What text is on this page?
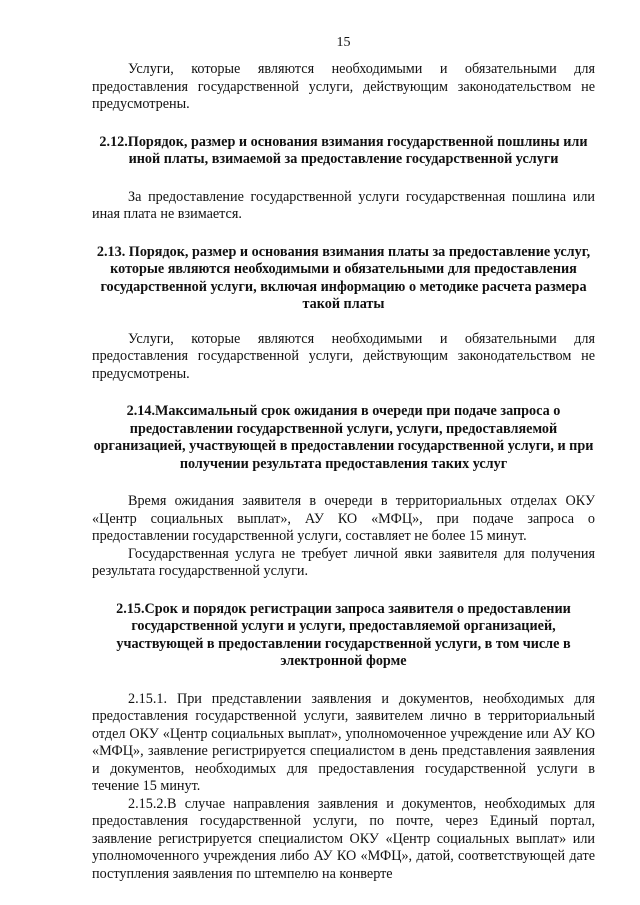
15

Услуги, которые являются необходимыми и обязательными для предоставления государственной услуги, действующим законодательством не предусмотрены.

2.12.Порядок, размер и основания взимания государственной пошлины или иной платы, взимаемой за предоставление государственной услуги

За предоставление государственной услуги государственная пошлина или иная плата не взимается.

2.13. Порядок, размер и основания взимания платы за предоставление услуг, которые являются необходимыми и обязательными для предоставления государственной услуги, включая информацию о методике расчета размера такой платы

Услуги, которые являются необходимыми и обязательными для предоставления государственной услуги, действующим законодательством не предусмотрены.

2.14.Максимальный срок ожидания в очереди при подаче запроса о предоставлении государственной услуги, услуги, предоставляемой организацией, участвующей в предоставлении государственной услуги, и при получении результата предоставления таких услуг

Время ожидания заявителя в очереди в территориальных отделах ОКУ «Центр социальных выплат», АУ КО «МФЦ», при подаче запроса о предоставлении государственной услуги, составляет не более 15 минут.

Государственная услуга не требует личной явки заявителя для получения результата государственной услуги.

2.15.Срок и порядок регистрации запроса заявителя о предоставлении государственной услуги и услуги, предоставляемой организацией, участвующей в предоставлении государственной услуги, в том числе в электронной форме

2.15.1. При представлении заявления и документов, необходимых для предоставления государственной услуги, заявителем лично в территориальный отдел ОКУ «Центр социальных выплат», уполномоченное учреждение или АУ КО «МФЦ», заявление регистрируется специалистом в день представления заявления и документов, необходимых для предоставления государственной услуги в течение 15 минут.

2.15.2.В случае направления заявления и документов, необходимых для предоставления государственной услуги, по почте, через Единый портал, заявление регистрируется специалистом ОКУ «Центр социальных выплат» или уполномоченного учреждения либо АУ КО «МФЦ», датой, соответствующей дате поступления заявления по штемпелю на конверте
